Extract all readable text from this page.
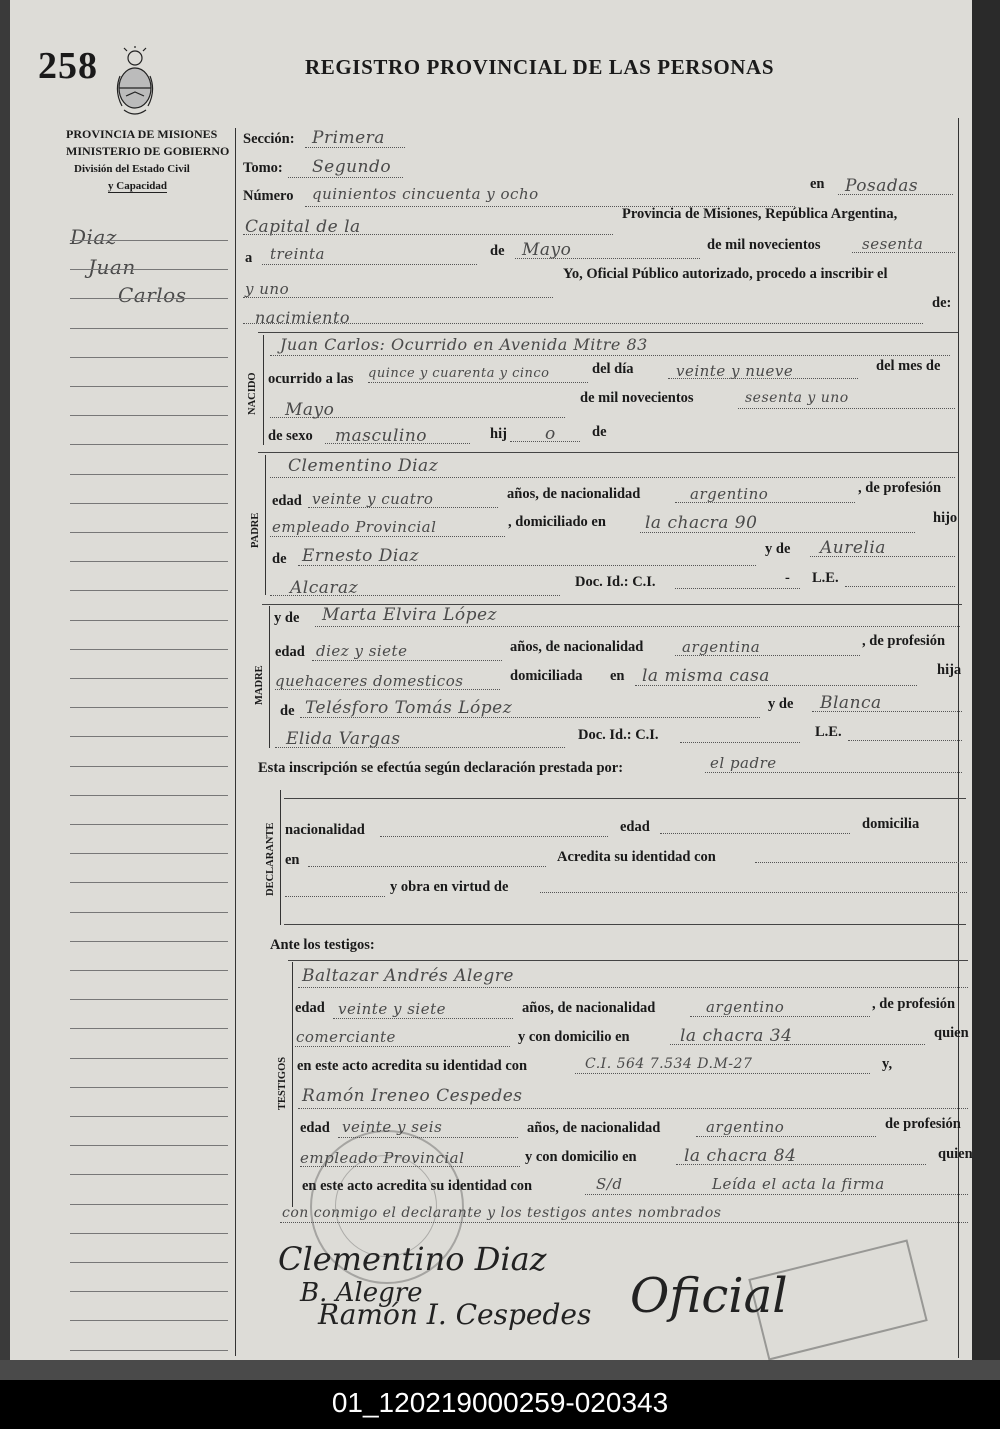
258	REGISTRO PROVINCIAL DE LAS PERSONAS
PROVINCIA DE MISIONES
MINISTERIO DE GOBIERNO
División del Estado Civil
y Capacidad
Diaz
Juan
Carlos
Sección: Primera
Tomo: Segundo
Número quinientos cincuenta y ocho
en Posadas
Capital de la
Provincia de Misiones, República Argentina,
a treinta	de Mayo	de mil novecientos	sesenta
y uno
Yo, Oficial Público autorizado, procedo a inscribir el
nacimiento
de:
NACIDO
Juan Carlos: Ocurrido en Avenida Mitre 83
ocurrido a las quince y cuarenta y cinco	del día	veinte y nueve	del mes de
Mayo
de mil novecientos	sesenta y uno
de sexo masculino	hij o	de
PADRE
Clementino Diaz
edad veinte y cuatro	años, de nacionalidad	argentino	, de profesión
empleado Provincial	, domiciliado en la chacra 90	hijo
de Ernesto Diaz	y de Aurelia
Alcaraz	Doc. Id.: C.I.	- L.E.
MADRE
y de Marta Elvira López
edad diez y siete	años, de nacionalidad	argentina	, de profesión
quehaceres domesticos	domiciliada en la misma casa	hija
de Telésforo Tomás López	y de Blanca
Elida Vargas	Doc. Id.: C.I.	L.E.
Esta inscripción se efectúa según declaración prestada por:	el padre
DECLARANTE nacionalidad	edad	domicilia
en	Acredita su identidad con
y obra en virtud de
Ante los testigos:
TESTIGOS
Baltazar Andrés Alegre
edad veinte y siete	años, de nacionalidad	argentino	, de profesión
comerciante	y con domicilio en	la chacra 34	quien
en este acto acredita su identidad con	C.I. 564 7.534 D.M-27	y,
Ramón Ireneo Cespedes
edad veinte y seis	años, de nacionalidad	argentino	de profesión
empleado Provincial	y con domicilio en	la chacra 84	quien
en este acto acredita su identidad con	S/d	Leída el acta la firma
con conmigo el declarante y los testigos antes nombrados
Clementino Diaz
B. Alegre
Ramón I. Cespedes Oficial
01_120219000259-020343
